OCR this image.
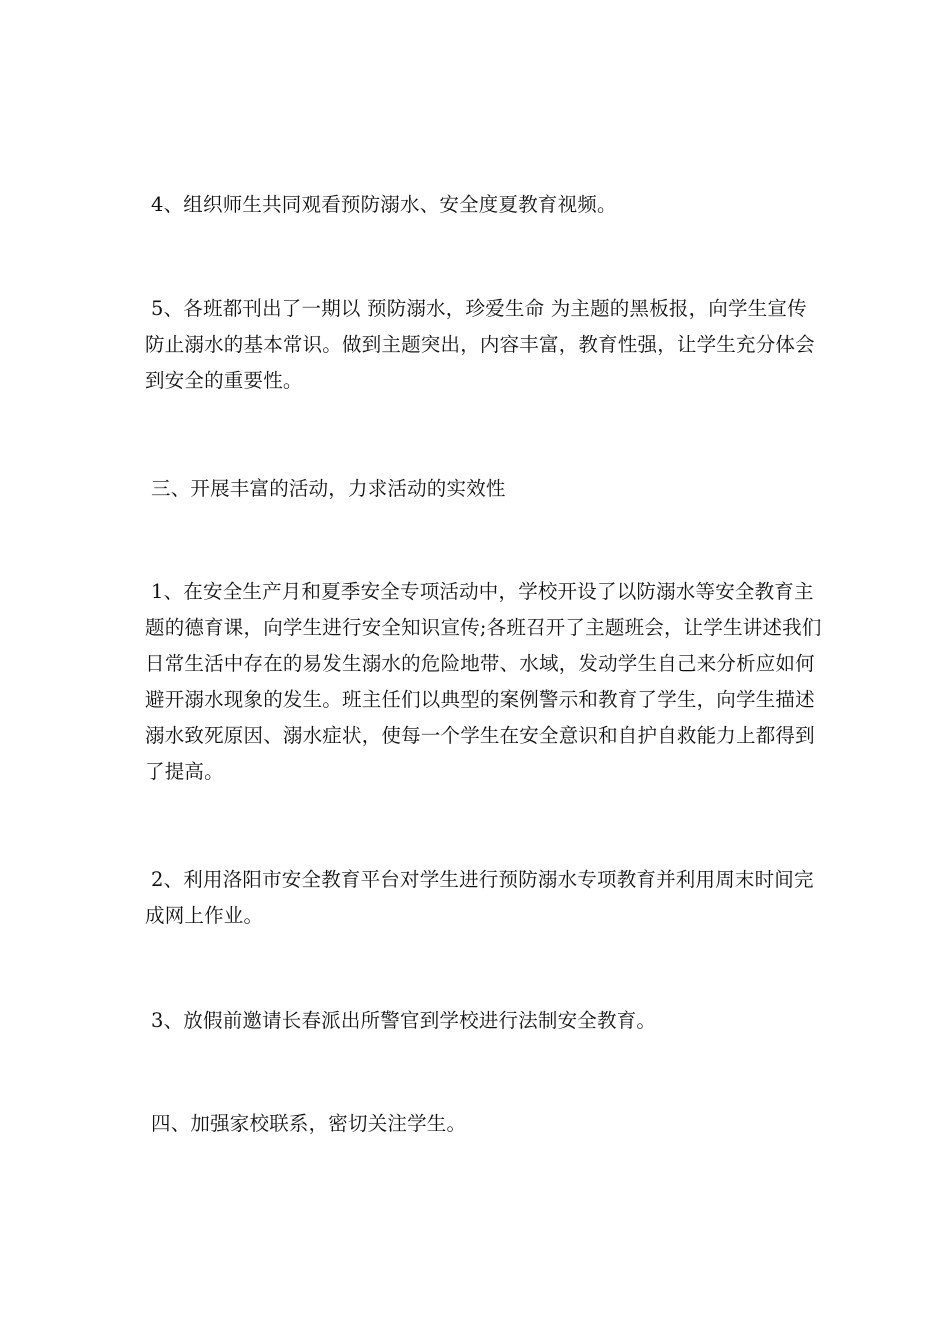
4、组织师生共同观看预防溺水、安全度夏教育视频。

5、各班都刊出了一期以 预防溺水，珍爱生命 为主题的黑板报，向学生宣传
防止溺水的基本常识。做到主题突出，内容丰富，教育性强，让学生充分体会
到安全的重要性。

三、开展丰富的活动，力求活动的实效性

1、在安全生产月和夏季安全专项活动中，学校开设了以防溺水等安全教育主
题的德育课，向学生进行安全知识宣传;各班召开了主题班会，让学生讲述我们
日常生活中存在的易发生溺水的危险地带、水域，发动学生自己来分析应如何
避开溺水现象的发生。班主任们以典型的案例警示和教育了学生，向学生描述
溺水致死原因、溺水症状，使每一个学生在安全意识和自护自救能力上都得到
了提高。

2、利用洛阳市安全教育平台对学生进行预防溺水专项教育并利用周末时间完
成网上作业。

3、放假前邀请长春派出所警官到学校进行法制安全教育。

四、加强家校联系，密切关注学生。
